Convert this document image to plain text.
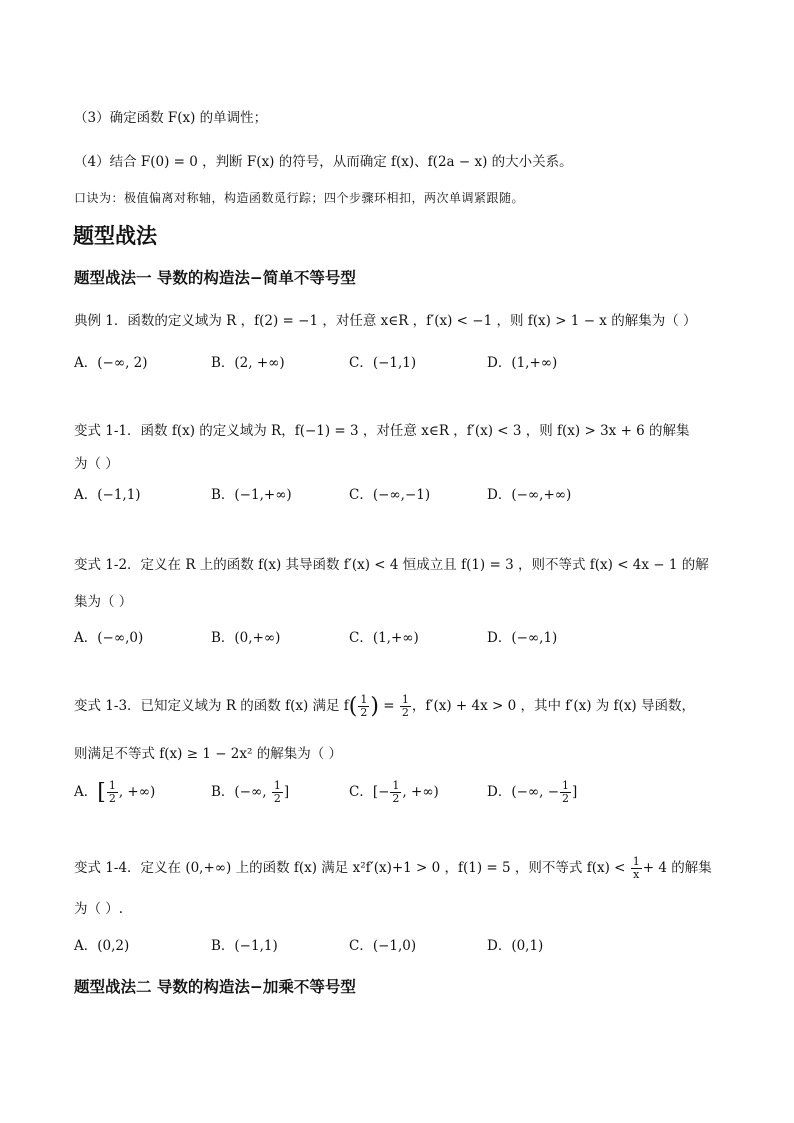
（3）确定函数 F(x) 的单调性；
（4）结合 F(0) = 0 ，判断 F(x) 的符号，从而确定 f(x)、f(2a − x) 的大小关系。
口诀为：极值偏离对称轴，构造函数觅行踪；四个步骤环相扣，两次单调紧跟随。
题型战法
题型战法一 导数的构造法−简单不等号型
典例 1．函数的定义域为 R ，f(2) = −1 ，对任意 x∈R ，f′(x) < −1 ，则 f(x) > 1 − x 的解集为（ ）
A．(−∞, 2)	B．(2, +∞)	C．(−1,1)	D．(1,+∞)
变式 1-1．函数 f(x) 的定义域为 R，f(−1) = 3 ，对任意 x∈R ，f′(x) < 3 ，则 f(x) > 3x + 6 的解集
为（ ）
A．(−1,1)	B．(−1,+∞)	C．(−∞,−1)	D．(−∞,+∞)
变式 1-2．定义在 R 上的函数 f(x) 其导函数 f′(x) < 4 恒成立且 f(1) = 3 ，则不等式 f(x) < 4x − 1 的解
集为（ ）
A．(−∞,0)	B．(0,+∞)	C．(1,+∞)	D．(−∞,1)
变式 1-3．已知定义域为 R 的函数 f(x) 满足 $f( \frac{1}{2}$ ) = $\frac{1}{2}$ ，f′(x) + 4x > 0 ，其中 f′(x) 为 f(x) 导函数，
则满足不等式 f(x) ≥ 1 − 2x² 的解集为（ ）
A．[ $\frac{1}{2}$ , +∞)	B．(−∞, $\frac{1}{2}$ ]	C．[− $\frac{1}{2}$ , +∞)	D．(−∞, − $\frac{1}{2}$ ]
变式 1-4．定义在 (0,+∞) 上的函数 f(x) 满足 x²f′(x)+1 > 0 ，f(1) = 5 ，则不等式 $f(x) < \frac{1}{x} + 4$ 的解集
为（ ）.
A．(0,2)	B．(−1,1)	C．(−1,0)	D．(0,1)
题型战法二 导数的构造法−加乘不等号型
